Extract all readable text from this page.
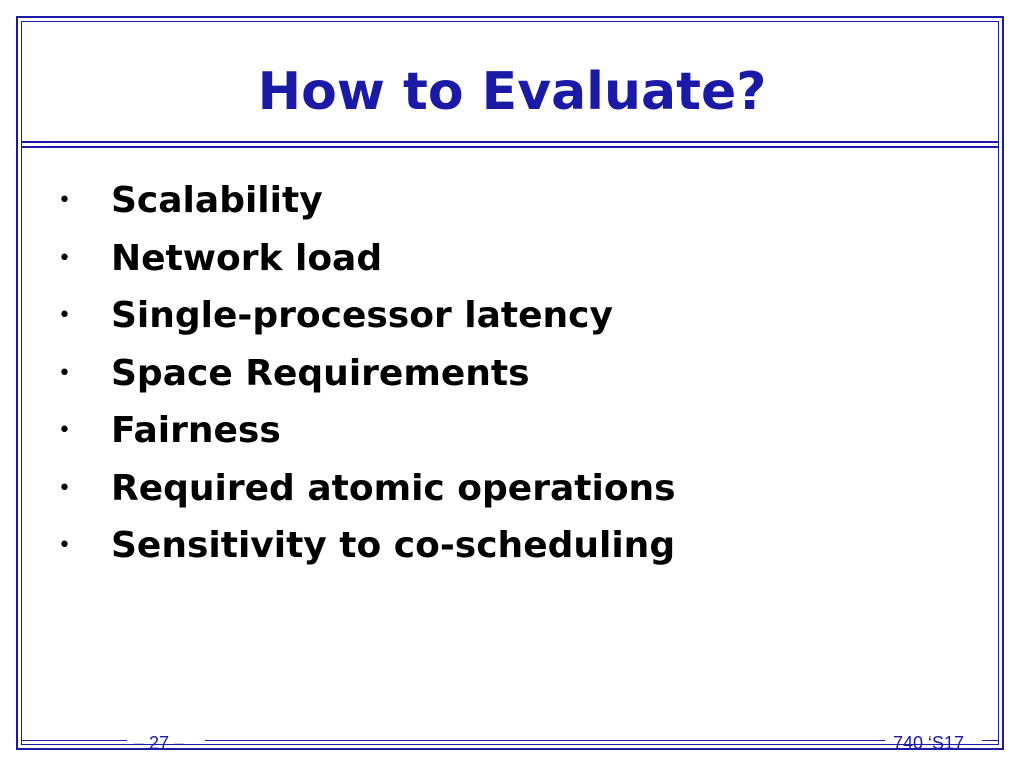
How to Evaluate?
• Scalability
• Network load
• Single-processor latency
• Space Requirements
• Fairness
• Required atomic operations
• Sensitivity to co-scheduling
– 27 –	740 ‘S17
